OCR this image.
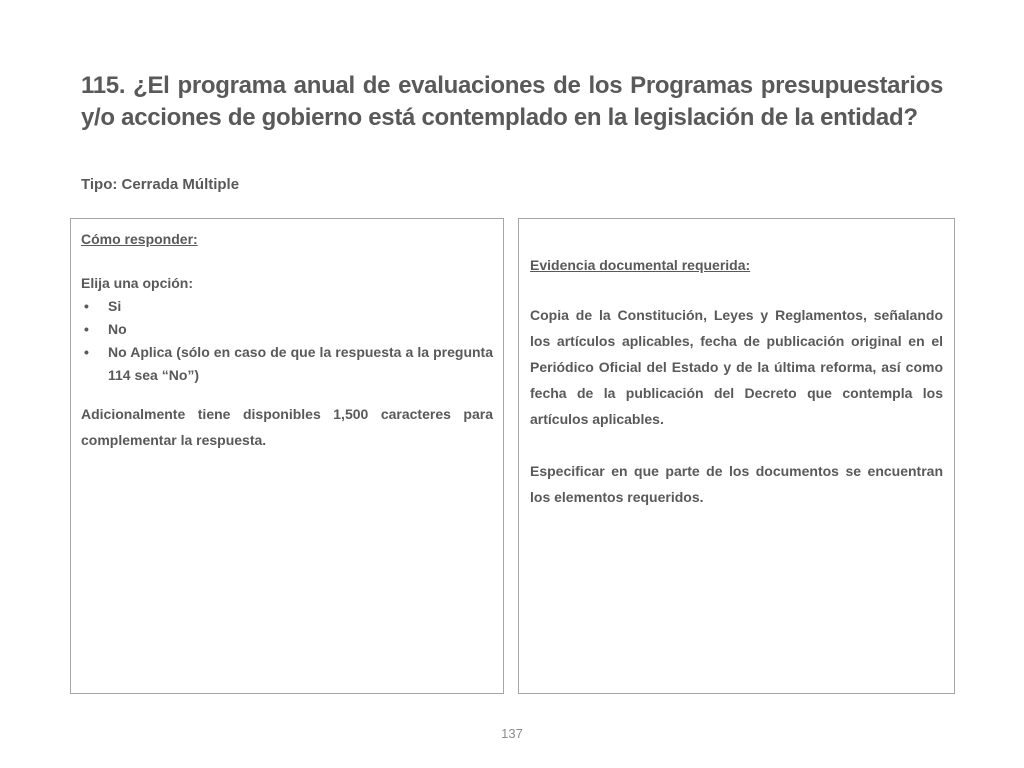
115. ¿El programa anual de evaluaciones de los Programas presupuestarios y/o acciones de gobierno está contemplado en la legislación de la entidad?
Tipo: Cerrada Múltiple

Cómo responder:

Elija una opción:

• Si
• No
• No Aplica (sólo en caso de que la respuesta a la pregunta 114 sea “No”)

Adicionalmente tiene disponibles 1,500 caracteres para complementar la respuesta.

Evidencia documental requerida:

Copia de la Constitución, Leyes y Reglamentos, señalando los artículos aplicables, fecha de publicación original en el Periódico Oficial del Estado y de la última reforma, así como fecha de la publicación del Decreto que contempla los artículos aplicables.

Especificar en que parte de los documentos se encuentran los elementos requeridos.

137
